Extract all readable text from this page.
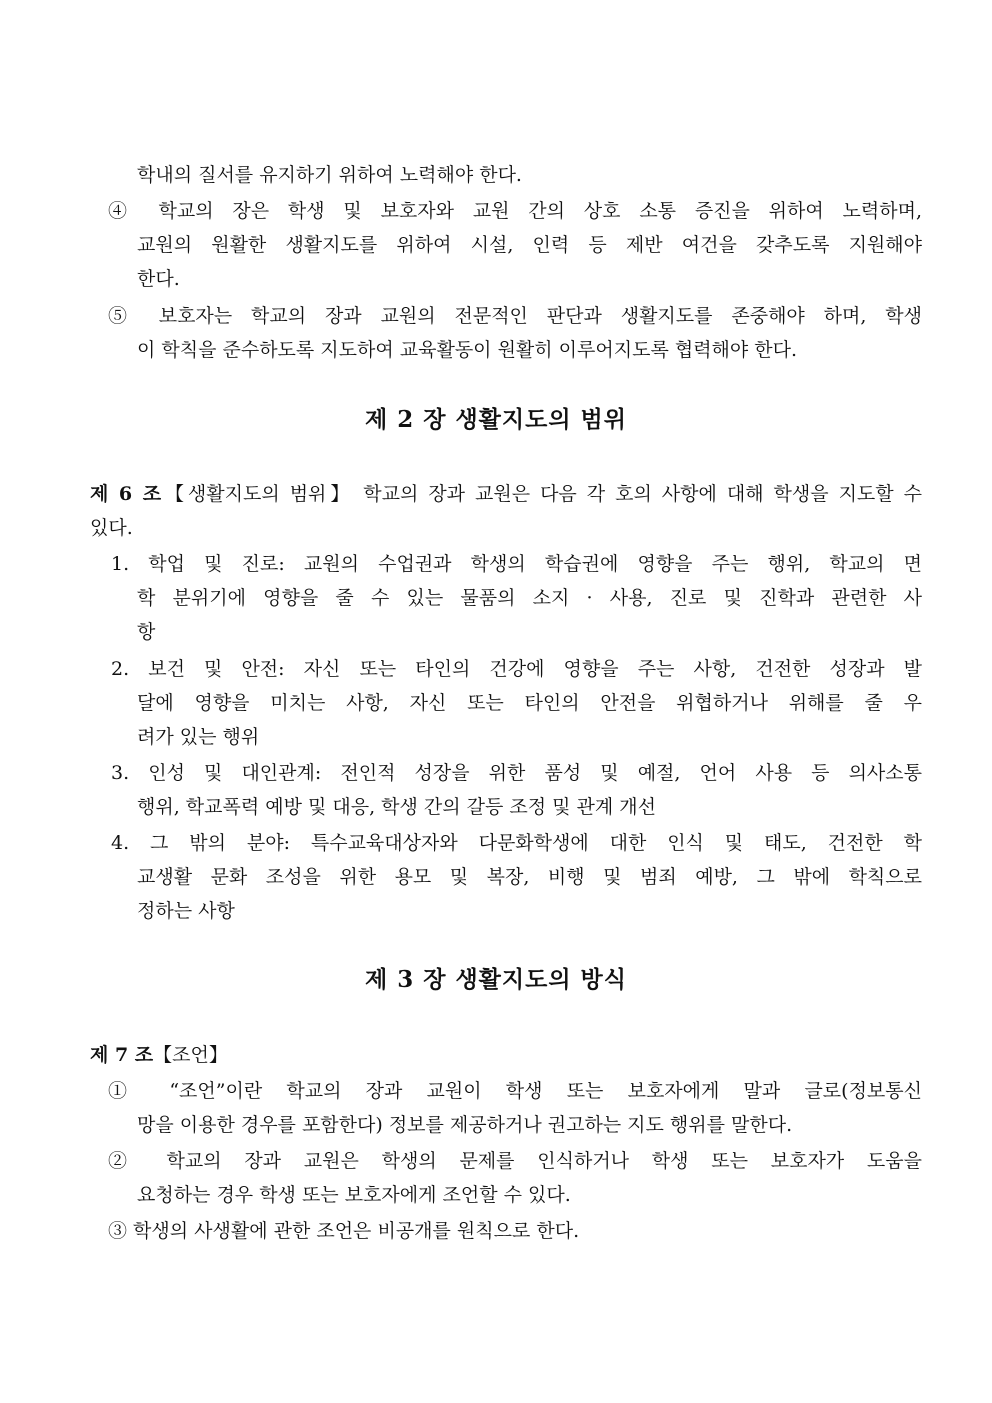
학내의 질서를 유지하기 위하여 노력해야 한다.
④ 학교의 장은 학생 및 보호자와 교원 간의 상호 소통 증진을 위하여 노력하며,
교원의 원활한 생활지도를 위하여 시설, 인력 등 제반 여건을 갖추도록 지원해야
한다.
⑤ 보호자는 학교의 장과 교원의 전문적인 판단과 생활지도를 존중해야 하며, 학생
이 학칙을 준수하도록 지도하여 교육활동이 원활히 이루어지도록 협력해야 한다.
제 2 장 생활지도의 범위
제 6 조【생활지도의 범위】 학교의 장과 교원은 다음 각 호의 사항에 대해 학생을 지도할 수
있다.
1. 학업 및 진로: 교원의 수업권과 학생의 학습권에 영향을 주는 행위, 학교의 면
학 분위기에 영향을 줄 수 있는 물품의 소지 · 사용, 진로 및 진학과 관련한 사
항
2. 보건 및 안전: 자신 또는 타인의 건강에 영향을 주는 사항, 건전한 성장과 발
달에 영향을 미치는 사항, 자신 또는 타인의 안전을 위협하거나 위해를 줄 우
려가 있는 행위
3. 인성 및 대인관계: 전인적 성장을 위한 품성 및 예절, 언어 사용 등 의사소통
행위, 학교폭력 예방 및 대응, 학생 간의 갈등 조정 및 관계 개선
4. 그 밖의 분야: 특수교육대상자와 다문화학생에 대한 인식 및 태도, 건전한 학
교생활 문화 조성을 위한 용모 및 복장, 비행 및 범죄 예방, 그 밖에 학칙으로
정하는 사항
제 3 장 생활지도의 방식
제 7 조【조언】
① “조언”이란 학교의 장과 교원이 학생 또는 보호자에게 말과 글로(정보통신
망을 이용한 경우를 포함한다) 정보를 제공하거나 권고하는 지도 행위를 말한다.
② 학교의 장과 교원은 학생의 문제를 인식하거나 학생 또는 보호자가 도움을
요청하는 경우 학생 또는 보호자에게 조언할 수 있다.
③ 학생의 사생활에 관한 조언은 비공개를 원칙으로 한다.
